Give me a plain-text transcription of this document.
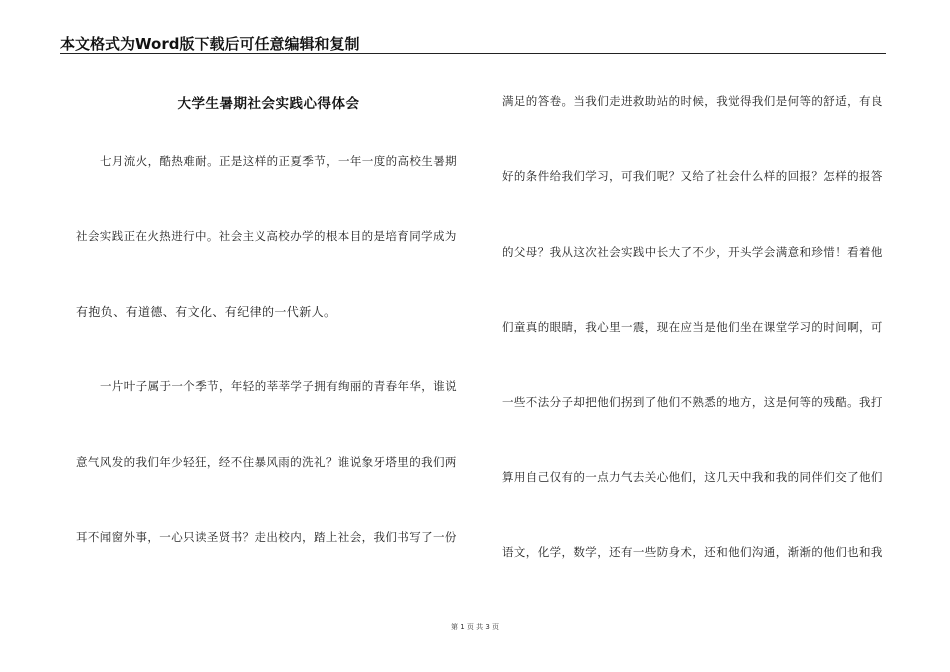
本文格式为Word版下载后可任意编辑和复制
大学生暑期社会实践心得体会
七月流火，酷热难耐。正是这样的正夏季节，一年一度的高校生暑期
社会实践正在火热进行中。社会主义高校办学的根本目的是培育同学成为
有抱负、有道德、有文化、有纪律的一代新人。
一片叶子属于一个季节，年轻的莘莘学子拥有绚丽的青春年华，谁说
意气风发的我们年少轻狂，经不住暴风雨的洗礼？谁说象牙塔里的我们两
耳不闻窗外事，一心只读圣贤书？走出校内，踏上社会，我们书写了一份
满足的答卷。当我们走进救助站的时候，我觉得我们是何等的舒适，有良
好的条件给我们学习，可我们呢？又给了社会什么样的回报？怎样的报答
的父母？我从这次社会实践中长大了不少，开头学会满意和珍惜！看着他
们童真的眼睛，我心里一震，现在应当是他们坐在课堂学习的时间啊，可
一些不法分子却把他们拐到了他们不熟悉的地方，这是何等的残酷。我打
算用自己仅有的一点力气去关心他们，这几天中我和我的同伴们交了他们
语文，化学，数学，还有一些防身术，还和他们沟通，渐渐的他们也和我
第 1 页 共 3 页
